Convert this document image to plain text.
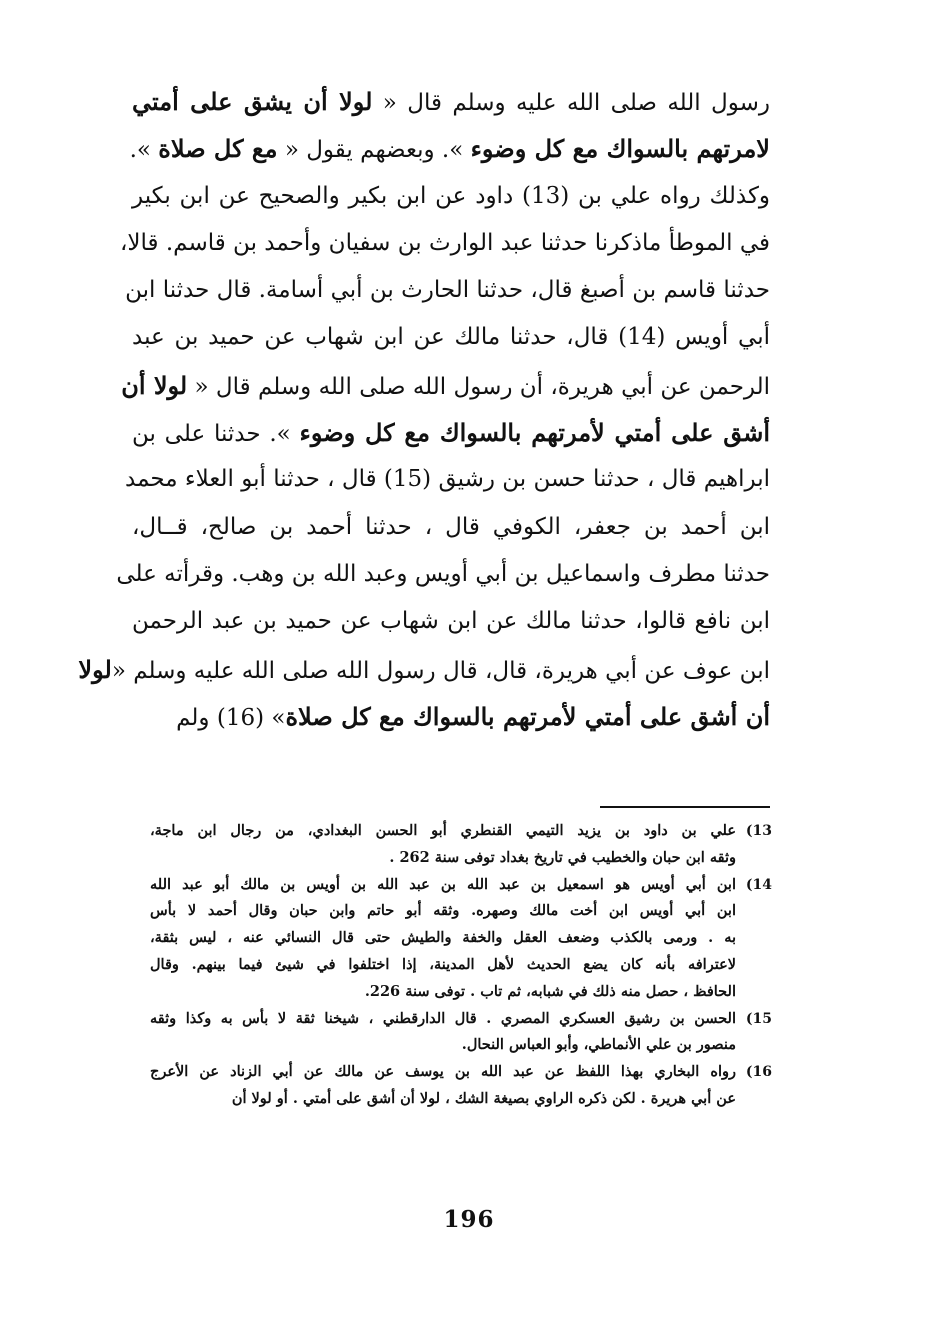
رسول الله صلى الله عليه وسلم قال « لولا أن يشق على أمتي
لامرتهم بالسواك مع كل وضوء ». وبعضهم يقول « مع كل صلاة ».
وكذلك رواه علي بن (13) داود عن ابن بكير والصحيح عن ابن بكير
في الموطأ ماذكرنا حدثنا عبد الوارث بن سفيان وأحمد بن قاسم. قالا،
حدثنا قاسم بن أصبغ قال، حدثنا الحارث بن أبي أسامة. قال حدثنا ابن
أبي أويس (14) قال، حدثنا مالك عن ابن شهاب عن حميد بن عبد
الرحمن عن أبي هريرة، أن رسول الله صلى الله وسلم قال « لولا أن
أشق على أمتي لأمرتهم بالسواك مع كل وضوء ». حدثنا على بن
ابراهيم قال ، حدثنا حسن بن رشيق (15) قال ، حدثنا أبو العلاء محمد
ابن أحمد بن جعفر، الكوفي قال ، حدثنا أحمد بن صالح، قــال،
حدثنا مطرف واسماعيل بن أبي أويس وعبد الله بن وهب. وقرأته على
ابن نافع قالوا، حدثنا مالك عن ابن شهاب عن حميد بن عبد الرحمن
ابن عوف عن أبي هريرة، قال، قال رسول الله صلى الله عليه وسلم «لولا
أن أشق على أمتي لأمرتهم بالسواك مع كل صلاة» (16) ولم
13)
علي بن داود بن يزيد التيمي القنطري أبو الحسن البغدادي، من رجال ابن ماجة،
وثقه ابن حبان والخطيب في تاريخ بغداد توفى سنة 262 .
14)
ابن أبي أويس هو اسمعيل بن عبد الله بن عبد الله بن أويس بن مالك أبو عبد الله
ابن أبي أويس ابن أخت مالك وصهره. وثقه أبو حاتم وابن حبان وقال أحمد لا بأس
به . ورمى بالكذب وضعف العقل والخفة والطيش حتى قال النسائي عنه ، ليس بثقة،
لاعترافه بأنه كان يضع الحديث لأهل المدينة، إذا اختلفوا في شيئ فيما بينهم. وقال
الحافظ ، حصل منه ذلك في شبابه، ثم تاب . توفى سنة 226.
15)
الحسن بن رشيق العسكري المصري . قال الدارقطني ، شيخنا ثقة لا بأس به وكذا وثقه
منصور بن علي الأنماطي، وأبو العباس النحال.
16)
رواه البخاري بهذا اللفظ عن عبد الله بن يوسف عن مالك عن أبي الزناد عن الأعرج
عن أبي هريرة . لكن ذكره الراوي بصيغة الشك ، لولا أن أشق على أمتي . أو لولا أن
196
